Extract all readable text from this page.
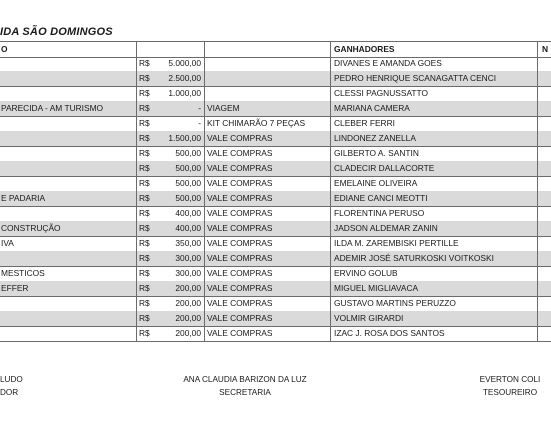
IDA SÃO DOMINGOS
O	GANHADORES	N
R$	5.000,00	DIVANES E AMANDA GOES
R$	2.500,00	PEDRO HENRIQUE SCANAGATTA CENCI
R$	1.000,00	CLESSI PAGNUSSATTO
PARECIDA - AM TURISMO	R$	- VIAGEM	MARIANA CAMERA
R$	- KIT CHIMARÃO 7 PEÇAS	CLEBER FERRI
R$	1.500,00 VALE COMPRAS	LINDONEZ ZANELLA
R$	500,00 VALE COMPRAS	GILBERTO A. SANTIN
R$	500,00 VALE COMPRAS	CLADECIR DALLACORTE
R$	500,00 VALE COMPRAS	EMELAINE OLIVEIRA
E PADARIA	R$	500,00 VALE COMPRAS	EDIANE CANCI MEOTTI
R$	400,00 VALE COMPRAS	FLORENTINA PERUSO
CONSTRUÇÃO	R$	400,00 VALE COMPRAS	JADSON ALDEMAR ZANIN
IVA	R$	350,00 VALE COMPRAS	ILDA M. ZAREMBISKI PERTILLE
R$	300,00 VALE COMPRAS	ADEMIR JOSÉ SATURKOSKI VOITKOSKI
MESTICOS	R$	300,00 VALE COMPRAS	ERVINO GOLUB
EFFER	R$	200,00 VALE COMPRAS	MIGUEL MIGLIAVACA
R$	200,00 VALE COMPRAS	GUSTAVO MARTINS PERUZZO
R$	200,00 VALE COMPRAS	VOLMIR GIRARDI
R$	200,00 VALE COMPRAS	IZAC J. ROSA DOS SANTOS
LUDO
DOR
ANA CLAUDIA BARIZON DA LUZ
SECRETARIA
EVERTON COLI
TESOUREIRO
